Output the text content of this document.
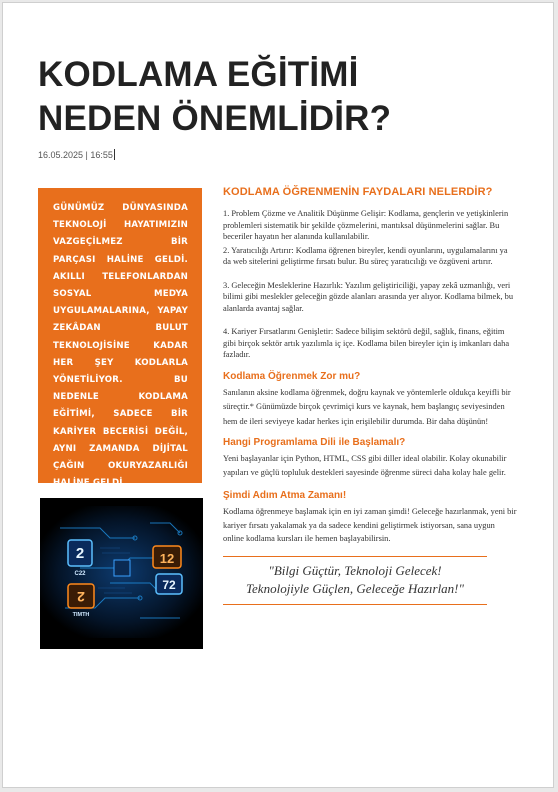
KODLAMA EĞİTİMİ
NEDEN ÖNEMLİDİR?
16.05.2025 | 16:55

GÜNÜMÜZ DÜNYASINDA TEKNOLOJİ HAYATIMIZIN VAZGEÇİLMEZ BİR PARÇASI HALİNE GELDİ. AKILLI TELEFONLARDAN SOSYAL MEDYA UYGULAMALARINA, YAPAY ZEKÂDAN BULUT TEKNOLOJİSİNE KADAR HER ŞEY KODLARLA YÖNETİLİYOR. BU NEDENLE KODLAMA EĞİTİMİ, SADECE BİR KARİYER BECERİSİ DEĞİL, AYNI ZAMANDA DİJİTAL ÇAĞIN OKURYAZARLIĞI HALİNE GELDİ.

2
C22
12
72
2
TIMTH
KODLAMA ÖĞRENMENİN FAYDALARI NELERDİR?

1. Problem Çözme ve Analitik Düşünme Gelişir: Kodlama, gençlerin ve yetişkinlerin problemleri sistematik bir şekilde çözmelerini, mantıksal düşünmelerini sağlar. Bu beceriler hayatın her alanında kullanılabilir.

2. Yaratıcılığı Artırır: Kodlama öğrenen bireyler, kendi oyunlarını, uygulamalarını ya da web sitelerini geliştirme fırsatı bulur. Bu süreç yaratıcılığı ve özgüveni artırır.

3. Geleceğin Mesleklerine Hazırlık: Yazılım geliştiriciliği, yapay zekâ uzmanlığı, veri bilimi gibi meslekler geleceğin gözde alanları arasında yer alıyor. Kodlama bilmek, bu alanlarda avantaj sağlar.

4. Kariyer Fırsatlarını Genişletir: Sadece bilişim sektörü değil, sağlık, finans, eğitim gibi birçok sektör artık yazılımla iç içe. Kodlama bilen bireyler için iş imkanları daha fazladır.

Kodlama Öğrenmek Zor mu?

Sanılanın aksine kodlama öğrenmek, doğru kaynak ve yöntemlerle oldukça keyifli bir süreçtir.* Günümüzde birçok çevrimiçi kurs ve kaynak, hem başlangıç seviyesinden hem de ileri seviyeye kadar herkes için erişilebilir durumda. Bir daha düşünün!

Hangi Programlama Dili ile Başlamalı?

Yeni başlayanlar için Python, HTML, CSS gibi diller ideal olabilir. Kolay okunabilir yapıları ve güçlü topluluk destekleri sayesinde öğrenme süreci daha kolay hale gelir.

Şimdi Adım Atma Zamanı!

Kodlama öğrenmeye başlamak için en iyi zaman şimdi! Geleceğe hazırlanmak, yeni bir kariyer fırsatı yakalamak ya da sadece kendini geliştirmek istiyorsan, sana uygun online kodlama kursları ile hemen başlayabilirsin.

"Bilgi Güçtür, Teknoloji Gelecek!
Teknolojiyle Güçlen, Geleceğe Hazırlan!"
